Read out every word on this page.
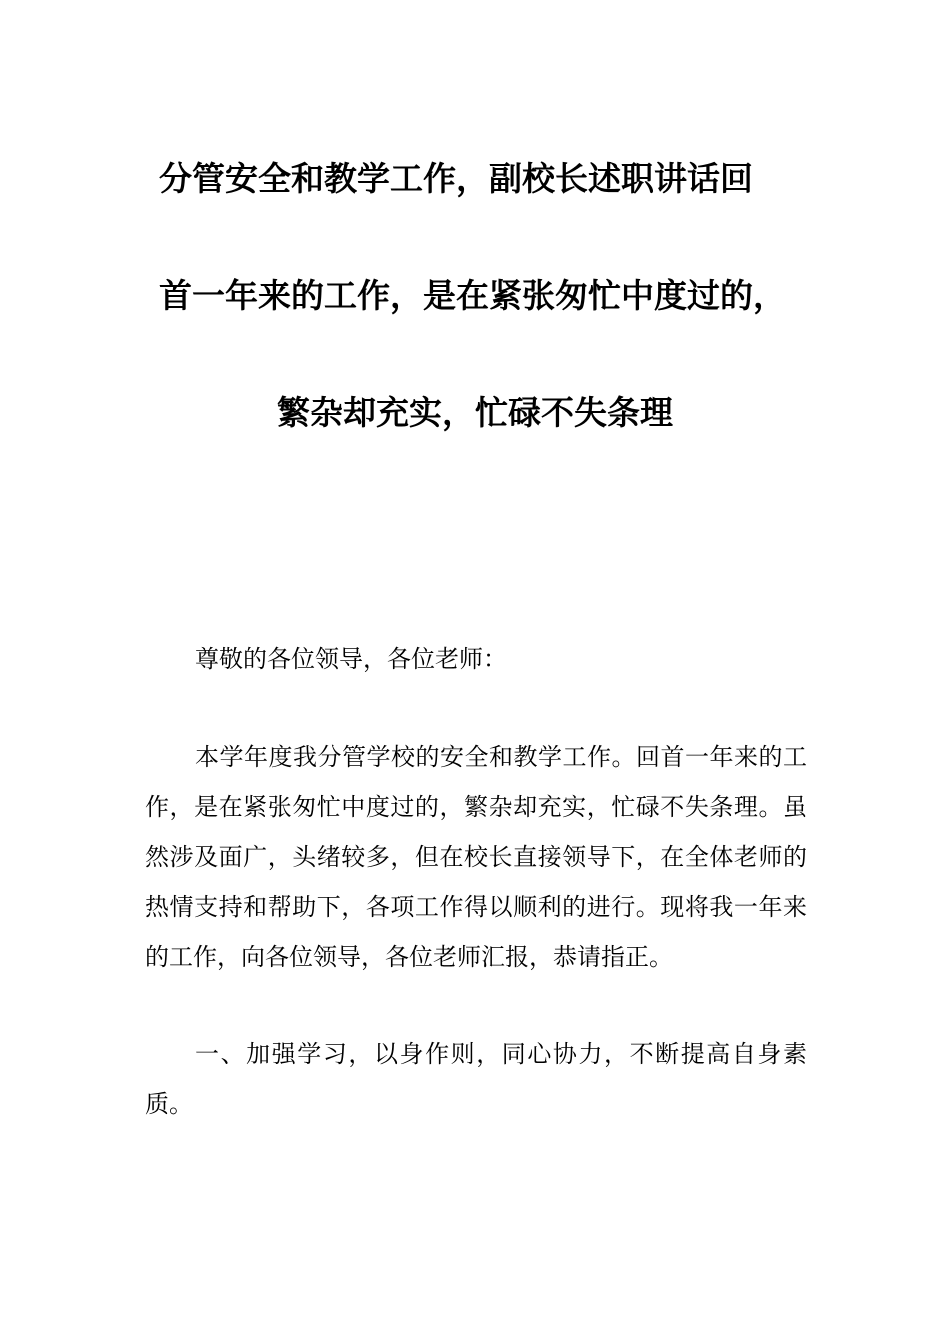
分管安全和教学工作，副校长述职讲话回
首一年来的工作，是在紧张匆忙中度过的，
繁杂却充实，忙碌不失条理

尊敬的各位领导，各位老师：

本学年度我分管学校的安全和教学工作。回首一年来的工作，是在紧张匆忙中度过的，繁杂却充实，忙碌不失条理。虽然涉及面广，头绪较多，但在校长直接领导下，在全体老师的热情支持和帮助下，各项工作得以顺利的进行。现将我一年来的工作，向各位领导，各位老师汇报，恭请指正。

一、加强学习，以身作则，同心协力，不断提高自身素质。
